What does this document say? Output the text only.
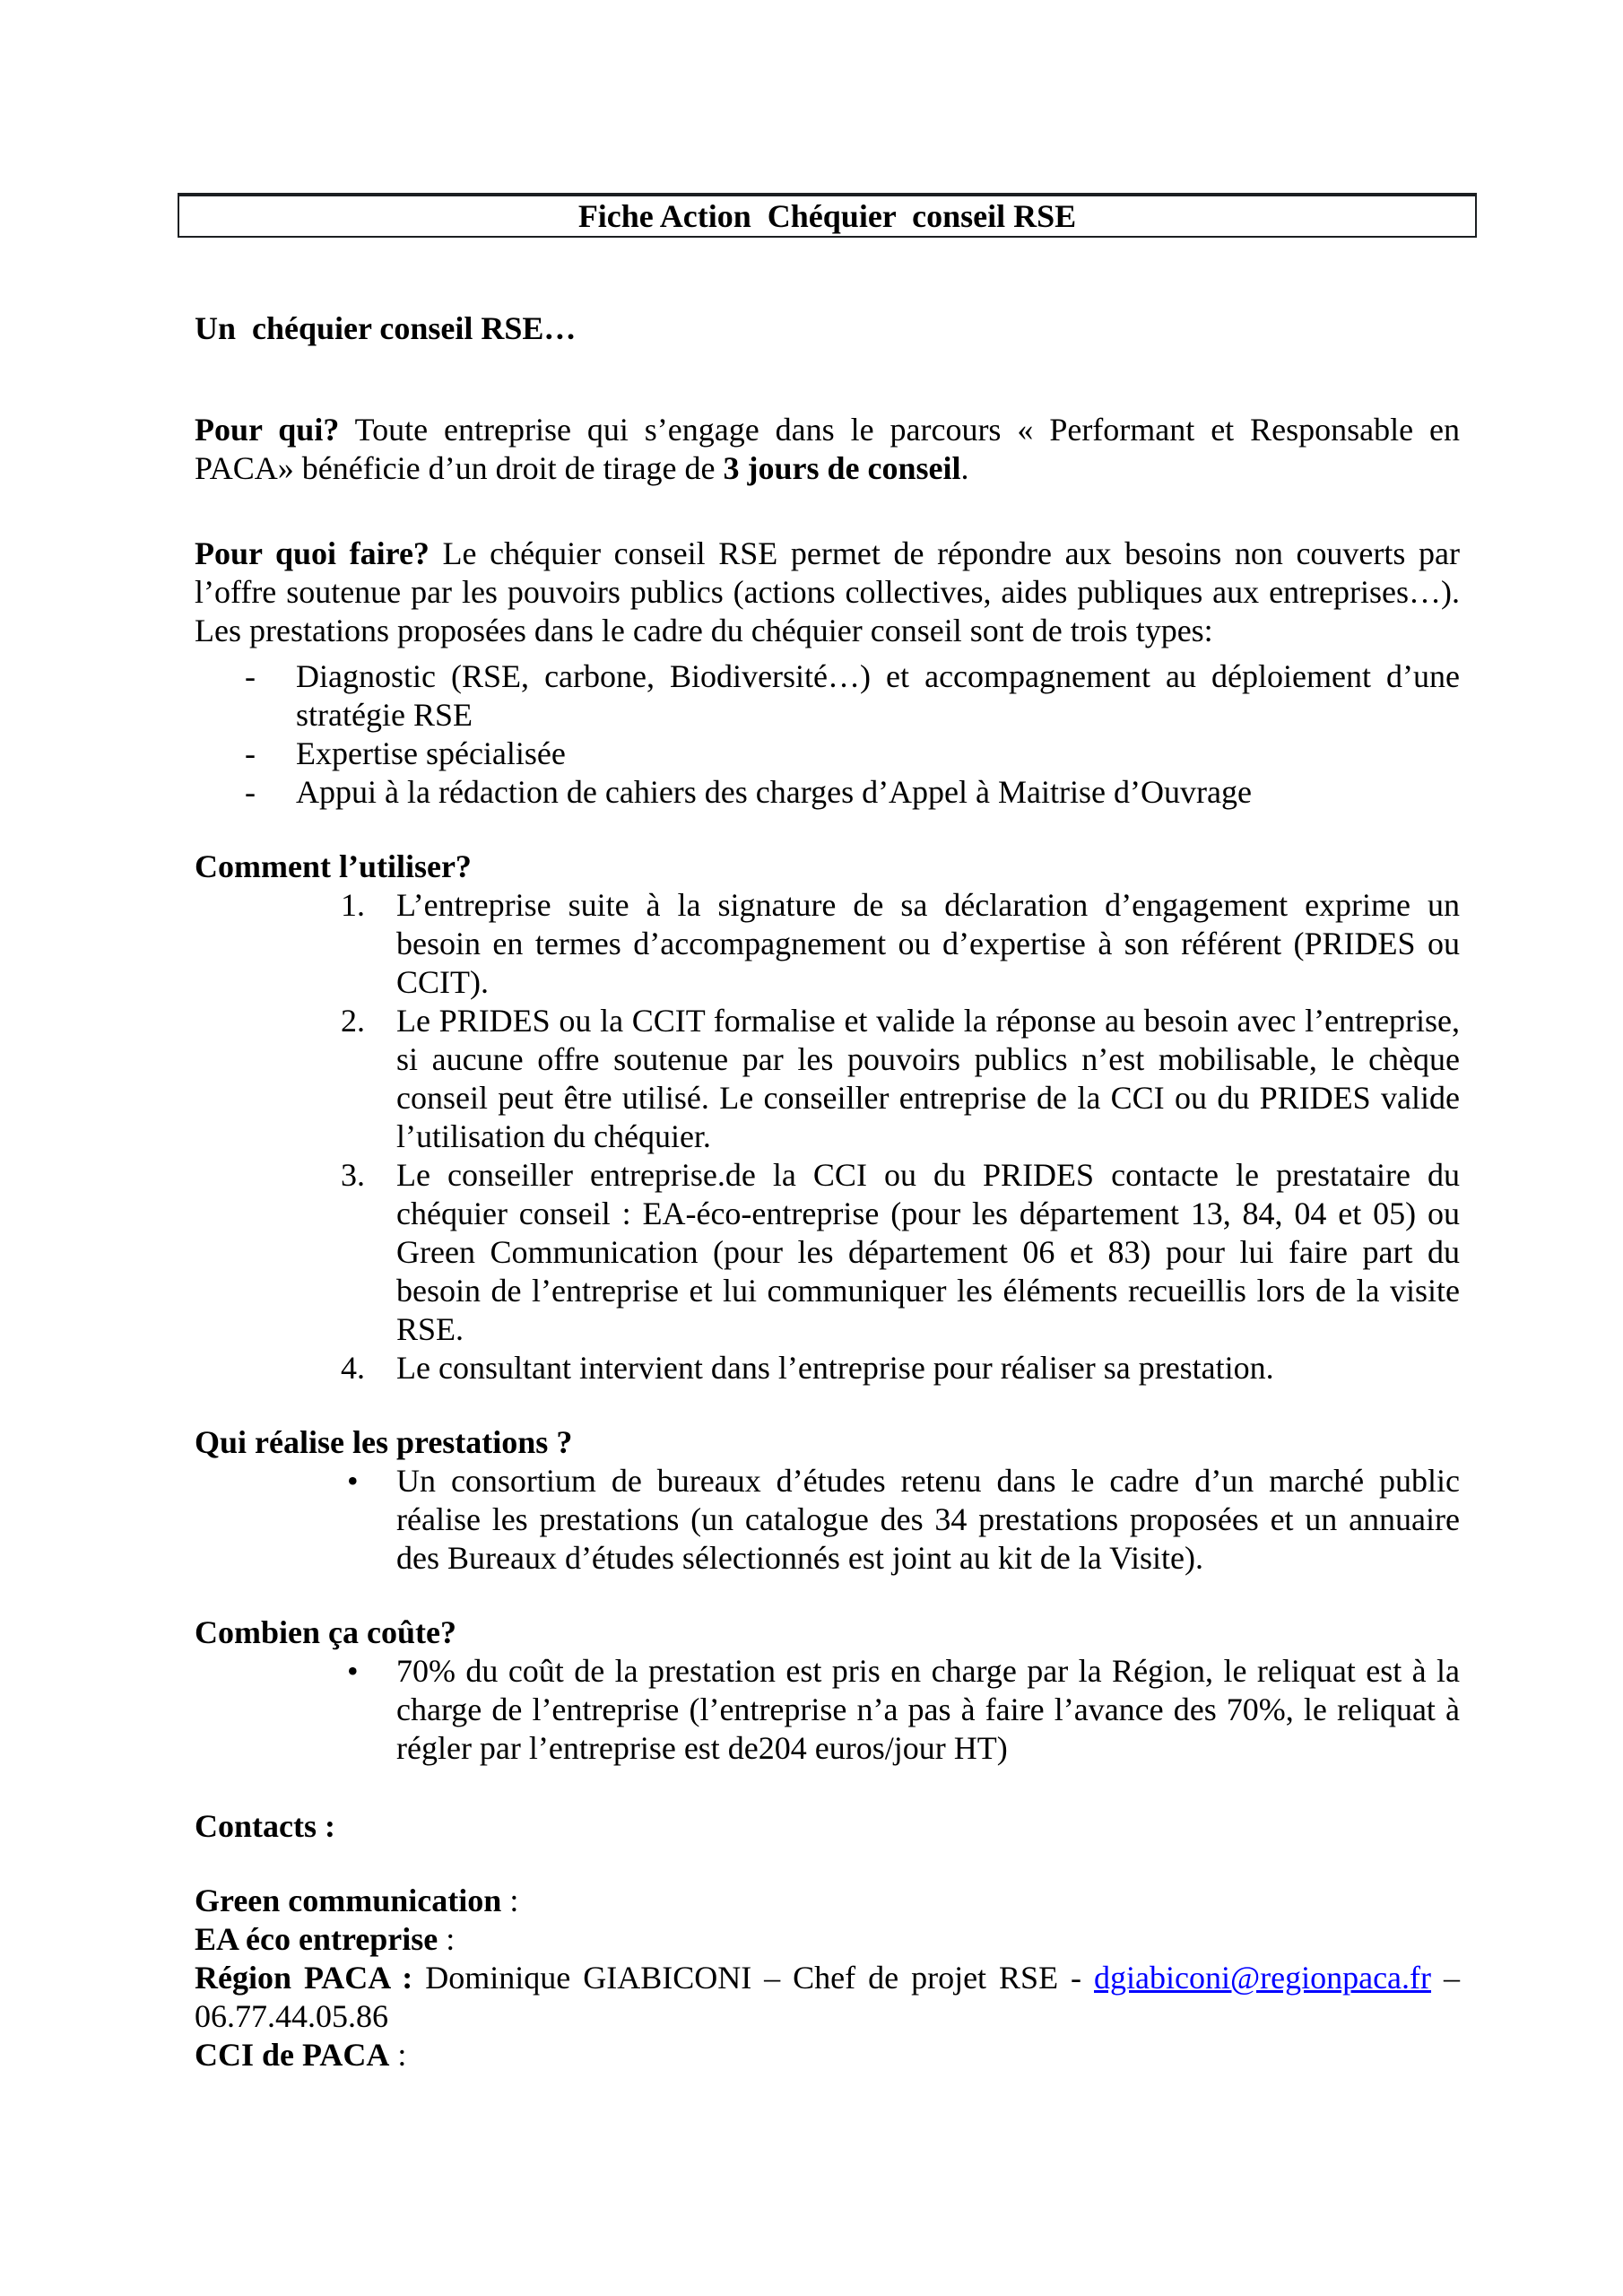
Fiche Action  Chéquier  conseil RSE

Un  chéquier conseil RSE…

Pour qui? Toute entreprise qui s’engage dans le parcours « Performant et Responsable en PACA» bénéficie d’un droit de tirage de 3 jours de conseil.

Pour quoi faire? Le chéquier conseil RSE permet de répondre aux besoins non couverts par l’offre soutenue par les pouvoirs publics (actions collectives, aides publiques aux entreprises…). Les prestations proposées dans le cadre du chéquier conseil sont de trois types:

- Diagnostic (RSE, carbone, Biodiversité…) et accompagnement au déploiement d’une stratégie RSE

- Expertise spécialisée

- Appui à la rédaction de cahiers des charges d’Appel à Maitrise d’Ouvrage

Comment l’utiliser?

1. L’entreprise suite à la signature de sa déclaration d’engagement exprime un besoin en termes d’accompagnement ou d’expertise à son référent (PRIDES ou CCIT).

2. Le PRIDES ou la CCIT formalise et valide la réponse au besoin avec l’entreprise, si aucune offre soutenue par les pouvoirs publics n’est mobilisable, le chèque conseil peut être utilisé. Le conseiller entreprise de la CCI ou du PRIDES valide l’utilisation du chéquier.

3. Le conseiller entreprise.de la CCI ou du PRIDES contacte le prestataire du chéquier conseil : EA-éco-entreprise (pour les département 13, 84, 04 et 05) ou Green Communication (pour les département 06 et 83) pour lui faire part du besoin de l’entreprise et lui communiquer les éléments recueillis lors de la visite RSE.

4. Le consultant intervient dans l’entreprise pour réaliser sa prestation.

Qui réalise les prestations ?

• Un consortium de bureaux d’études retenu dans le cadre d’un marché public réalise les prestations (un catalogue des 34 prestations proposées et un annuaire des Bureaux d’études sélectionnés est joint au kit de la Visite).

Combien ça coûte?

• 70% du coût de la prestation est pris en charge par la Région, le reliquat est à la charge de l’entreprise (l’entreprise n’a pas à faire l’avance des 70%, le reliquat à régler par l’entreprise est de204 euros/jour HT)

Contacts :

Green communication :

EA éco entreprise :

Région PACA : Dominique GIABICONI – Chef de projet RSE - dgiabiconi@regionpaca.fr – 06.77.44.05.86

CCI de PACA :
